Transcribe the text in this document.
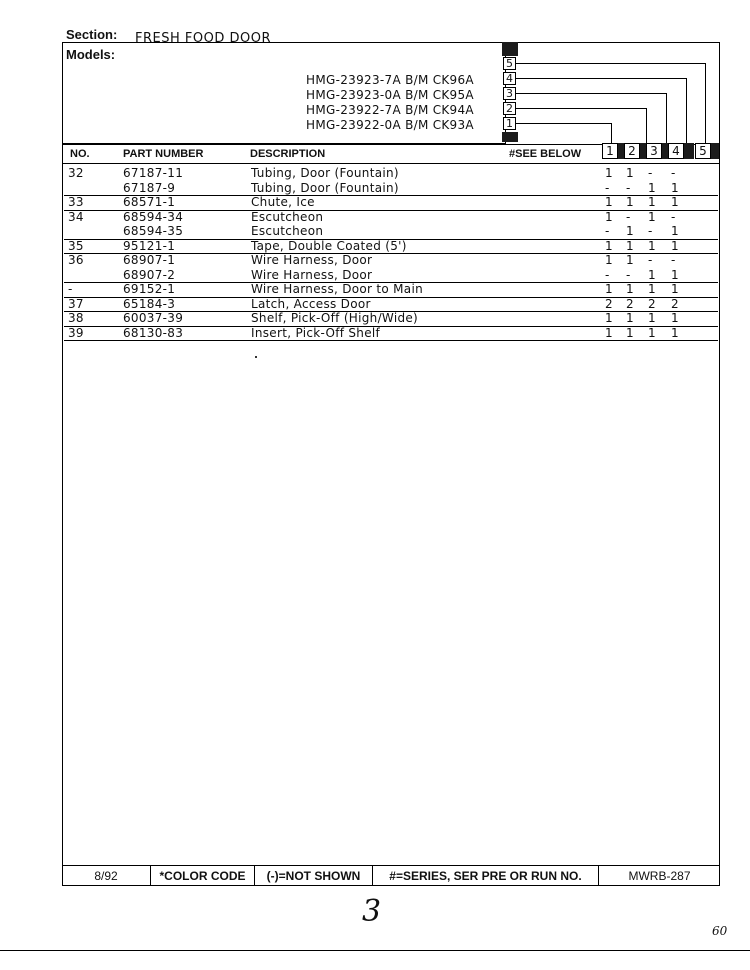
Section: FRESH FOOD DOOR
Models:
HMG-23923-7A B/M CK96A
HMG-23923-0A B/M CK95A
HMG-23922-7A B/M CK94A
HMG-23922-0A B/M CK93A
5
4
3
2
1
NO.	PART NUMBER	DESCRIPTION	#SEE BELOW	1	2	3	4	5
32	67187-11	Tubing, Door (Fountain)	1 1 - -
67187-9	Tubing, Door (Fountain)	- - 1 1
33	68571-1	Chute, Ice	1 1 1 1
34	68594-34	Escutcheon	1 - 1 -
68594-35	Escutcheon	- 1 - 1
35	95121-1	Tape, Double Coated (5')	1 1 1 1
36	68907-1	Wire Harness, Door	1 1 - -
68907-2	Wire Harness, Door	- - 1 1
-	69152-1	Wire Harness, Door to Main	1 1 1 1
37	65184-3	Latch, Access Door	2 2 2 2
38	60037-39	Shelf, Pick-Off (High/Wide)	1 1 1 1
39	68130-83	Insert, Pick-Off Shelf	1 1 1 1
8/92	*COLOR CODE	(-)=NOT SHOWN	#=SERIES, SER PRE OR RUN NO.	MWRB-287
3
60
